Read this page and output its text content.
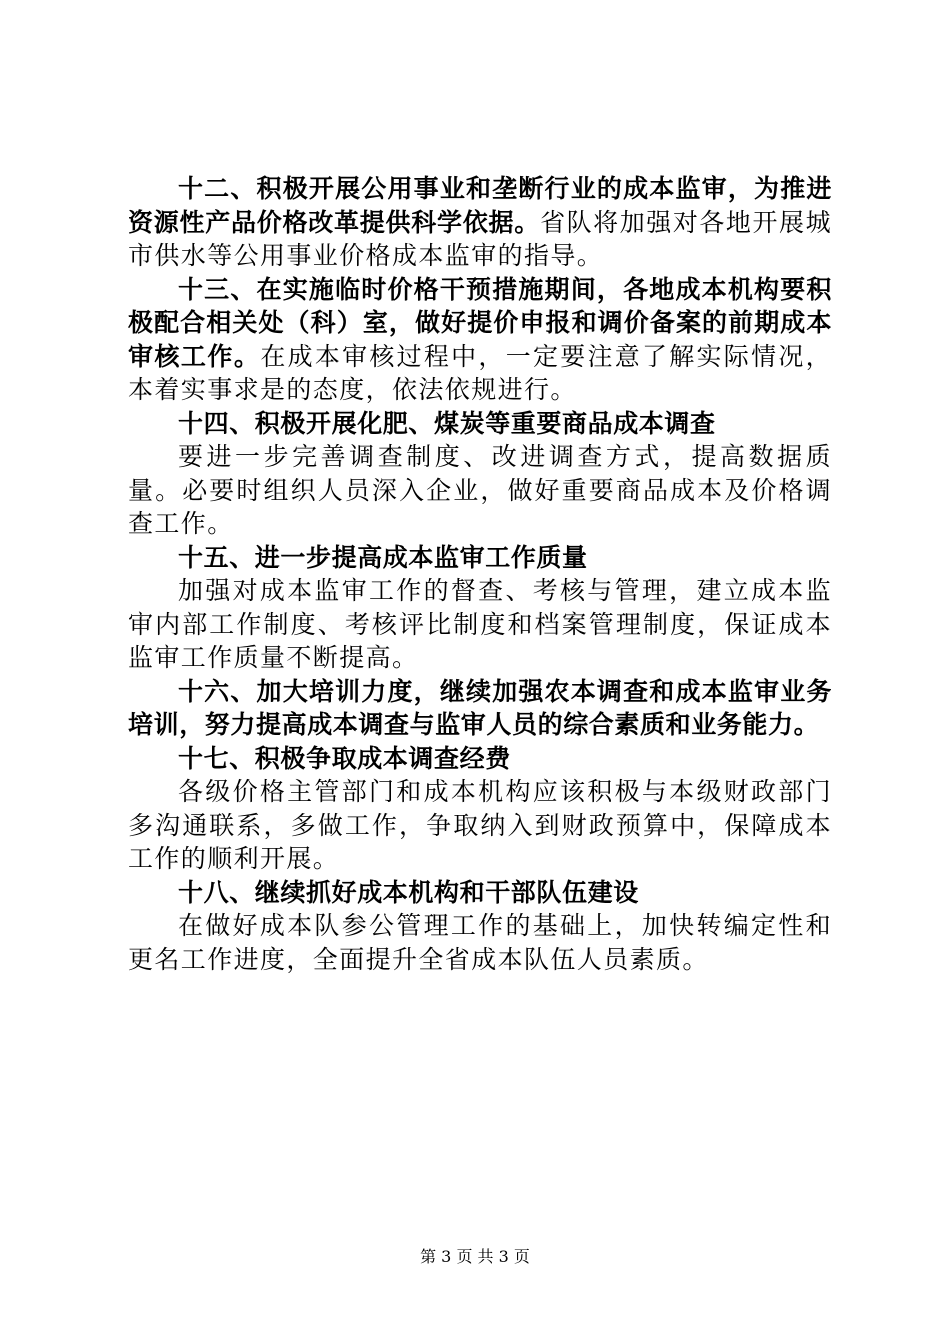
十二、积极开展公用事业和垄断行业的成本监审，为推进资源性产品价格改革提供科学依据。省队将加强对各地开展城市供水等公用事业价格成本监审的指导。

十三、在实施临时价格干预措施期间，各地成本机构要积极配合相关处（科）室，做好提价申报和调价备案的前期成本审核工作。在成本审核过程中，一定要注意了解实际情况，本着实事求是的态度，依法依规进行。

十四、积极开展化肥、煤炭等重要商品成本调查

要进一步完善调查制度、改进调查方式，提高数据质量。必要时组织人员深入企业，做好重要商品成本及价格调查工作。

十五、进一步提高成本监审工作质量

加强对成本监审工作的督查、考核与管理，建立成本监审内部工作制度、考核评比制度和档案管理制度，保证成本监审工作质量不断提高。

十六、加大培训力度，继续加强农本调查和成本监审业务培训，努力提高成本调查与监审人员的综合素质和业务能力。

十七、积极争取成本调查经费

各级价格主管部门和成本机构应该积极与本级财政部门多沟通联系，多做工作，争取纳入到财政预算中，保障成本工作的顺利开展。

十八、继续抓好成本机构和干部队伍建设

在做好成本队参公管理工作的基础上，加快转编定性和更名工作进度，全面提升全省成本队伍人员素质。

第 3 页 共 3 页
